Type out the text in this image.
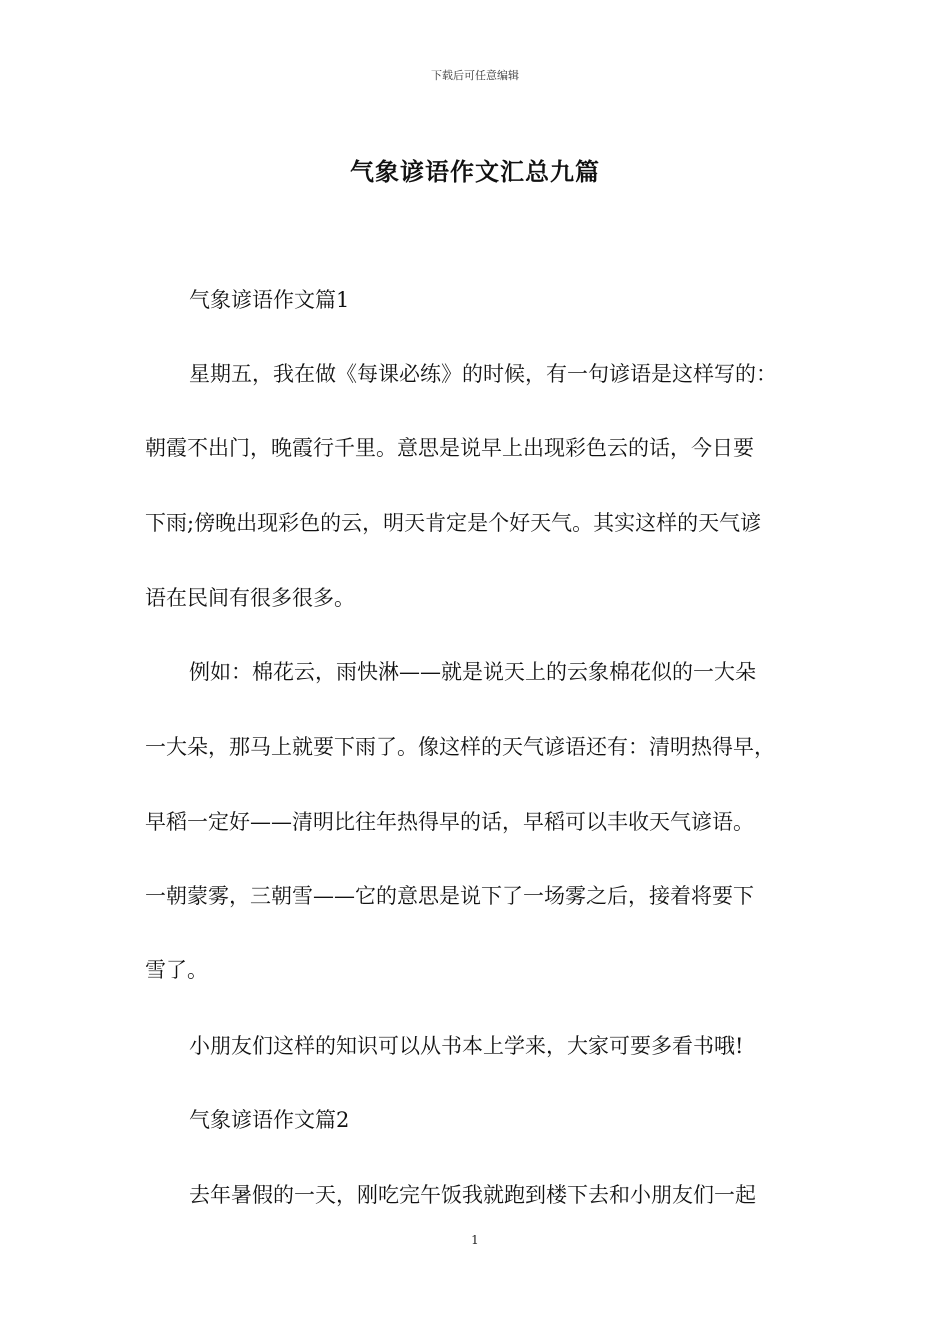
下载后可任意编辑
气象谚语作文汇总九篇
气象谚语作文篇1
星期五，我在做《每课必练》的时候，有一句谚语是这样写的：
朝霞不出门，晚霞行千里。意思是说早上出现彩色云的话，今日要
下雨;傍晚出现彩色的云，明天肯定是个好天气。其实这样的天气谚
语在民间有很多很多。
例如：棉花云，雨快淋——就是说天上的云象棉花似的一大朵
一大朵，那马上就要下雨了。像这样的天气谚语还有：清明热得早，
早稻一定好——清明比往年热得早的话，早稻可以丰收天气谚语。
一朝蒙雾，三朝雪——它的意思是说下了一场雾之后，接着将要下
雪了。
小朋友们这样的知识可以从书本上学来，大家可要多看书哦!
气象谚语作文篇2
去年暑假的一天，刚吃完午饭我就跑到楼下去和小朋友们一起
1
